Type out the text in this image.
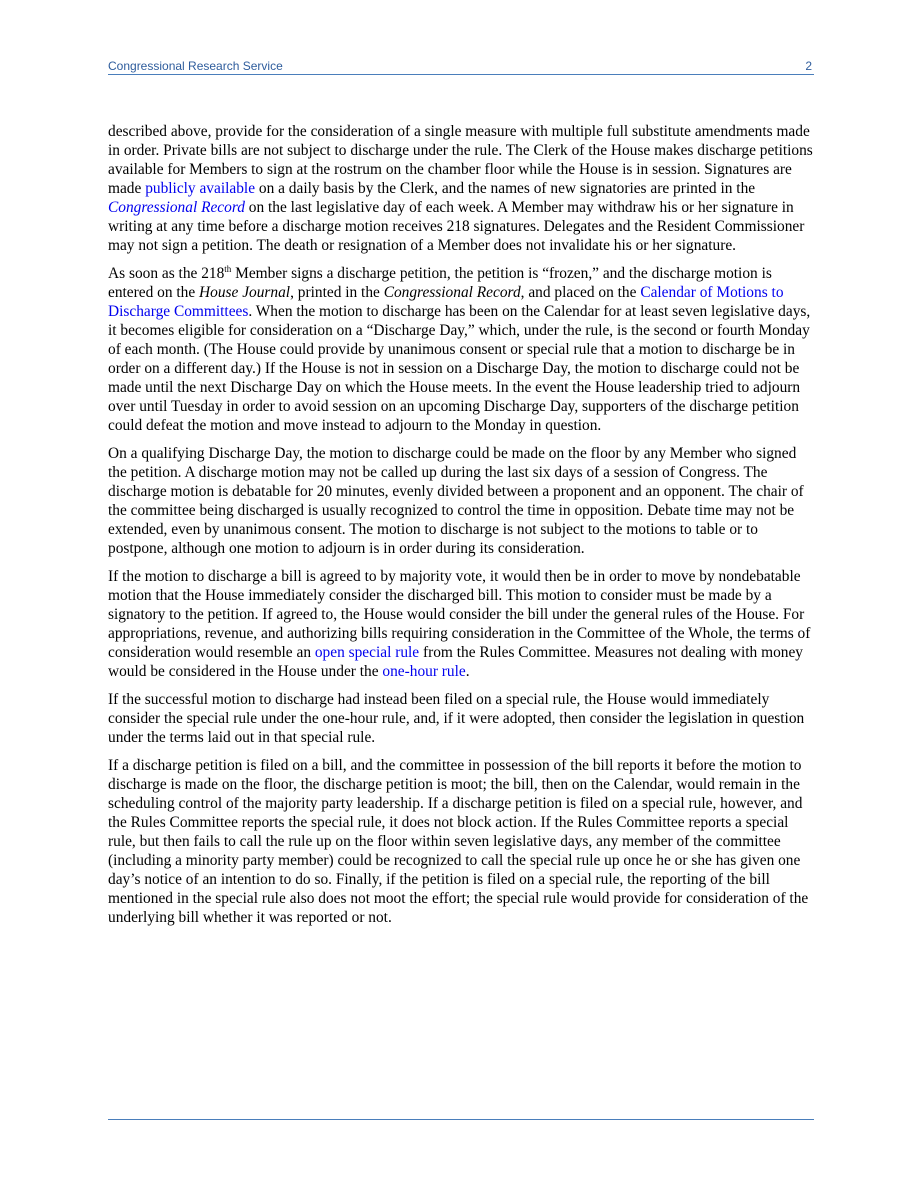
Congressional Research Service	2

described above, provide for the consideration of a single measure with multiple full substitute amendments made in order. Private bills are not subject to discharge under the rule. The Clerk of the House makes discharge petitions available for Members to sign at the rostrum on the chamber floor while the House is in session. Signatures are made publicly available on a daily basis by the Clerk, and the names of new signatories are printed in the Congressional Record on the last legislative day of each week. A Member may withdraw his or her signature in writing at any time before a discharge motion receives 218 signatures. Delegates and the Resident Commissioner may not sign a petition. The death or resignation of a Member does not invalidate his or her signature.

As soon as the 218th Member signs a discharge petition, the petition is “frozen,” and the discharge motion is entered on the House Journal, printed in the Congressional Record, and placed on the Calendar of Motions to Discharge Committees. When the motion to discharge has been on the Calendar for at least seven legislative days, it becomes eligible for consideration on a “Discharge Day,” which, under the rule, is the second or fourth Monday of each month. (The House could provide by unanimous consent or special rule that a motion to discharge be in order on a different day.) If the House is not in session on a Discharge Day, the motion to discharge could not be made until the next Discharge Day on which the House meets. In the event the House leadership tried to adjourn over until Tuesday in order to avoid session on an upcoming Discharge Day, supporters of the discharge petition could defeat the motion and move instead to adjourn to the Monday in question.

On a qualifying Discharge Day, the motion to discharge could be made on the floor by any Member who signed the petition. A discharge motion may not be called up during the last six days of a session of Congress. The discharge motion is debatable for 20 minutes, evenly divided between a proponent and an opponent. The chair of the committee being discharged is usually recognized to control the time in opposition. Debate time may not be extended, even by unanimous consent. The motion to discharge is not subject to the motions to table or to postpone, although one motion to adjourn is in order during its consideration.

If the motion to discharge a bill is agreed to by majority vote, it would then be in order to move by nondebatable motion that the House immediately consider the discharged bill. This motion to consider must be made by a signatory to the petition. If agreed to, the House would consider the bill under the general rules of the House. For appropriations, revenue, and authorizing bills requiring consideration in the Committee of the Whole, the terms of consideration would resemble an open special rule from the Rules Committee. Measures not dealing with money would be considered in the House under the one-hour rule.

If the successful motion to discharge had instead been filed on a special rule, the House would immediately consider the special rule under the one-hour rule, and, if it were adopted, then consider the legislation in question under the terms laid out in that special rule.

If a discharge petition is filed on a bill, and the committee in possession of the bill reports it before the motion to discharge is made on the floor, the discharge petition is moot; the bill, then on the Calendar, would remain in the scheduling control of the majority party leadership. If a discharge petition is filed on a special rule, however, and the Rules Committee reports the special rule, it does not block action. If the Rules Committee reports a special rule, but then fails to call the rule up on the floor within seven legislative days, any member of the committee (including a minority party member) could be recognized to call the special rule up once he or she has given one day’s notice of an intention to do so. Finally, if the petition is filed on a special rule, the reporting of the bill mentioned in the special rule also does not moot the effort; the special rule would provide for consideration of the underlying bill whether it was reported or not.
